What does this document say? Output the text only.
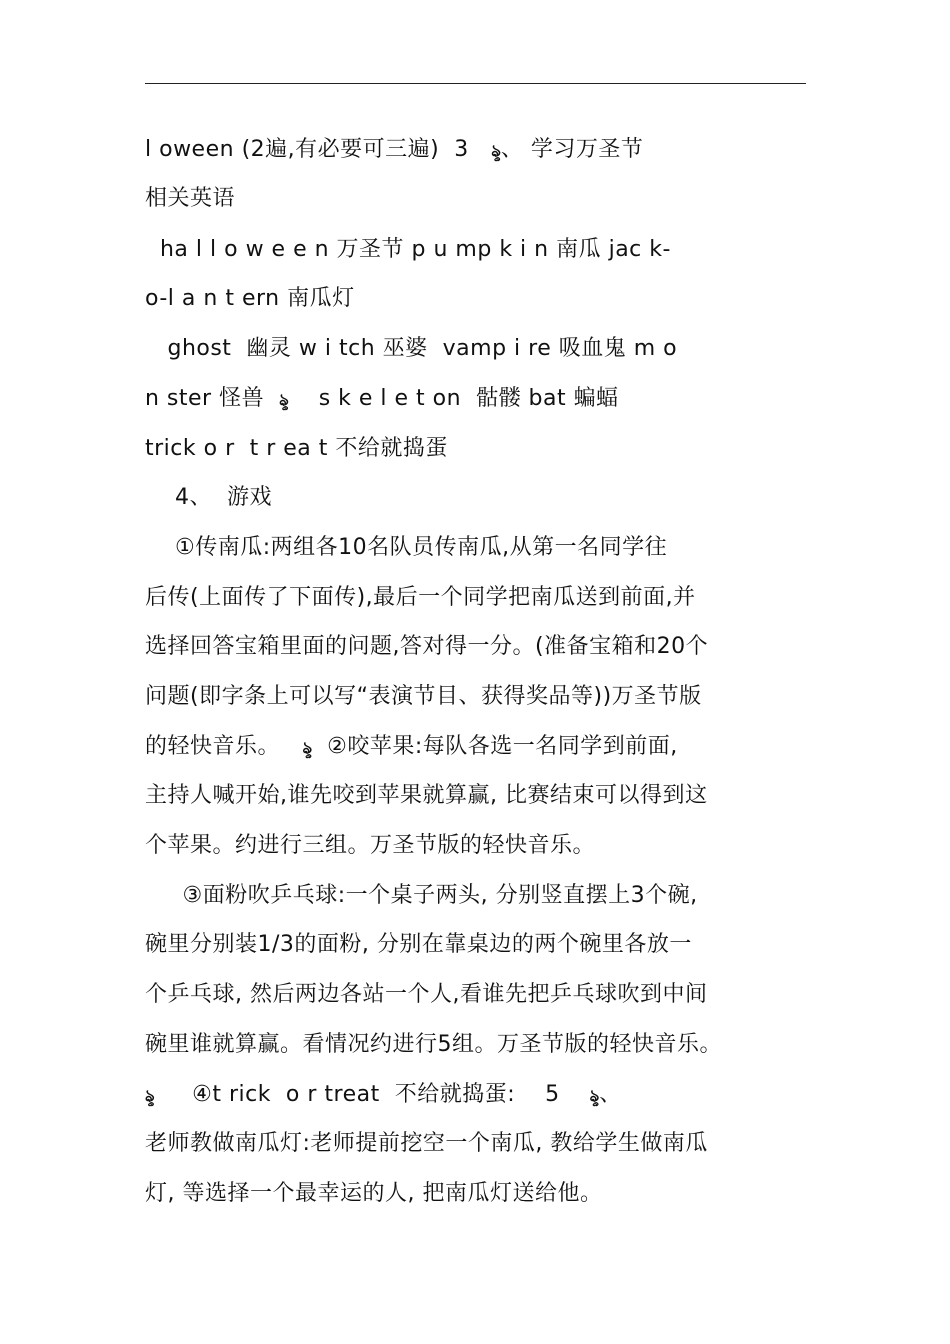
l oween (2遍,有必要可三遍)  3   ৡ、 学习万圣节
相关英语
ha l l o w e e n 万圣节 p u mp k i n 南瓜 jac k-
o-l a n t ern 南瓜灯
ghost  幽灵 w i tch 巫婆  vamp i re 吸血鬼 m o
n ster 怪兽  ৡ    s k e l e t on  骷髅 bat 蝙蝠
trick o r  t r ea t 不给就捣蛋
4、  游戏
①传南瓜:两组各10名队员传南瓜,从第一名同学往
后传(上面传了下面传),最后一个同学把南瓜送到前面,并
选择回答宝箱里面的问题,答对得一分。(准备宝箱和20个
问题(即字条上可以写“表演节目、获得奖品等))万圣节版
的轻快音乐。   ৡ ②咬苹果:每队各选一名同学到前面,
主持人喊开始,谁先咬到苹果就算赢, 比赛结束可以得到这
个苹果。约进行三组。万圣节版的轻快音乐。
③面粉吹乒乓球:一个桌子两头, 分别竖直摆上3个碗,
碗里分别装1/3的面粉, 分别在靠桌边的两个碗里各放一
个乒乓球, 然后两边各站一个人,看谁先把乒乓球吹到中间
碗里谁就算赢。看情况约进行5组。万圣节版的轻快音乐。
ৡ     ④t rick  o r treat  不给就捣蛋:    5    ৡ、
老师教做南瓜灯:老师提前挖空一个南瓜, 教给学生做南瓜
灯, 等选择一个最幸运的人, 把南瓜灯送给他。
